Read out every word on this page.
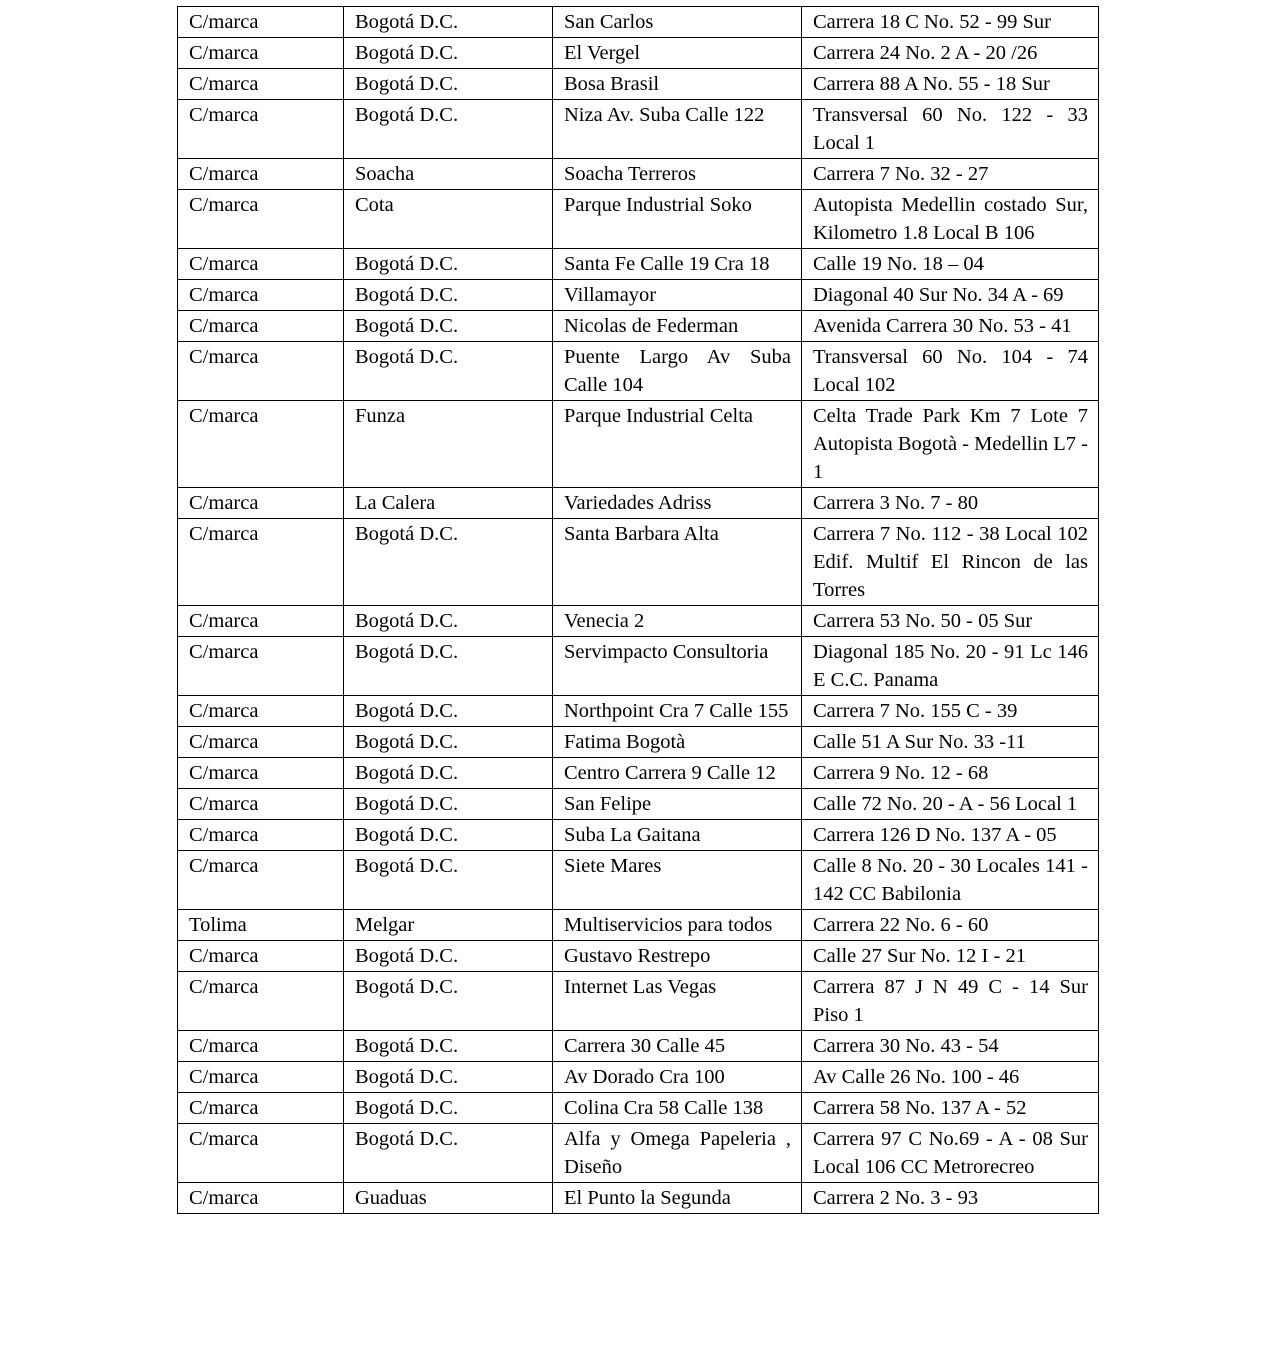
C/marca	Bogotá D.C.	San Carlos	Carrera 18 C No. 52 - 99 Sur
C/marca	Bogotá D.C.	El Vergel	Carrera 24 No. 2 A - 20 /26
C/marca	Bogotá D.C.	Bosa Brasil	Carrera 88 A No. 55 - 18 Sur
C/marca	Bogotá D.C.	Niza Av. Suba Calle 122	Transversal 60 No. 122 - 33 Local 1
C/marca	Soacha	Soacha Terreros	Carrera 7 No. 32 - 27
C/marca	Cota	Parque Industrial Soko	Autopista Medellin costado Sur, Kilometro 1.8 Local B 106
C/marca	Bogotá D.C.	Santa Fe Calle 19 Cra 18	Calle 19 No. 18 – 04
C/marca	Bogotá D.C.	Villamayor	Diagonal 40 Sur No. 34 A - 69
C/marca	Bogotá D.C.	Nicolas de Federman	Avenida Carrera 30 No. 53 - 41
C/marca	Bogotá D.C.	Puente Largo Av Suba Calle 104	Transversal 60 No. 104 - 74 Local 102
C/marca	Funza	Parque Industrial Celta	Celta Trade Park Km 7 Lote 7 Autopista Bogotà - Medellin L7 - 1
C/marca	La Calera	Variedades Adriss	Carrera 3 No. 7 - 80
C/marca	Bogotá D.C.	Santa Barbara Alta	Carrera 7 No. 112 - 38 Local 102 Edif. Multif El Rincon de las Torres
C/marca	Bogotá D.C.	Venecia 2	Carrera 53 No. 50 - 05 Sur
C/marca	Bogotá D.C.	Servimpacto Consultoria	Diagonal 185 No. 20 - 91 Lc 146 E C.C. Panama
C/marca	Bogotá D.C.	Northpoint Cra 7 Calle 155	Carrera 7 No. 155 C - 39
C/marca	Bogotá D.C.	Fatima Bogotà	Calle 51 A Sur No. 33 -11
C/marca	Bogotá D.C.	Centro Carrera 9 Calle 12	Carrera 9 No. 12 - 68
C/marca	Bogotá D.C.	San Felipe	Calle 72 No. 20 - A - 56 Local 1
C/marca	Bogotá D.C.	Suba La Gaitana	Carrera 126 D No. 137 A - 05
C/marca	Bogotá D.C.	Siete Mares	Calle 8 No. 20 - 30 Locales 141 - 142 CC Babilonia
Tolima	Melgar	Multiservicios para todos	Carrera 22 No. 6 - 60
C/marca	Bogotá D.C.	Gustavo Restrepo	Calle 27 Sur No. 12 I - 21
C/marca	Bogotá D.C.	Internet Las Vegas	Carrera 87 J N 49 C - 14 Sur Piso 1
C/marca	Bogotá D.C.	Carrera 30 Calle 45	Carrera 30 No. 43 - 54
C/marca	Bogotá D.C.	Av Dorado Cra 100	Av Calle 26 No. 100 - 46
C/marca	Bogotá D.C.	Colina Cra 58 Calle 138	Carrera 58 No. 137 A - 52
C/marca	Bogotá D.C.	Alfa y Omega Papeleria , Diseño	Carrera 97 C No.69 - A - 08 Sur Local 106 CC Metrorecreo
C/marca	Guaduas	El Punto la Segunda	Carrera 2 No. 3 - 93
